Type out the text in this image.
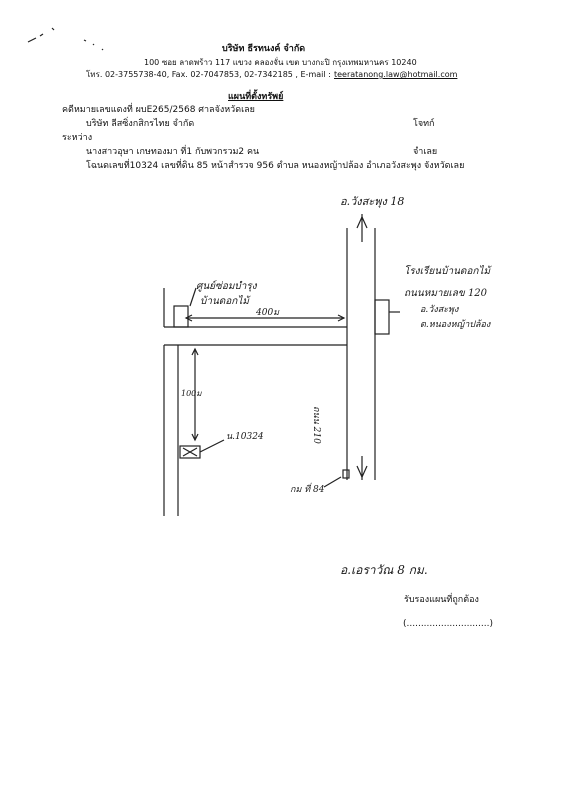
บริษัท ธีรทนงค์ จำกัด
100 ซอย ลาดพร้าว 117 แขวง คลองจั่น เขต บางกะปิ กรุงเทพมหานคร 10240
โทร. 02-3755738-40, Fax. 02-7047853, 02-7342185 , E-mail : teeratanong.law@hotmail.com
แผนที่ตั้งทรัพย์
คดีหมายเลขแดงที่ ผบE265/2568 ศาลจังหวัดเลย
บริษัท ลีสซิ่งกสิกรไทย จำกัด	โจทก์
ระหว่าง
นางสาวอุษา เกษทองมา ที่1 กับพวกรวม2 คน	จำเลย
โฉนดเลขที่10324 เลขที่ดิน 85 หน้าสำรวจ 956 ตำบล หนองหญ้าปล้อง อำเภอวังสะพุง จังหวัดเลย
อ.วังสะพุง 18
โรงเรียนบ้านดอกไม้
ถนนหมายเลข 120
อ.วังสะพุง
ต.หนองหญ้าปล้อง
ศูนย์ซ่อมบำรุง
บ้านดอกไม้
400ม
100ม
ถนน 210
น.10324
กม ที่ 84
อ.เอราวัณ 8 กม.
รับรองแผนที่ถูกต้อง
(.............................)
